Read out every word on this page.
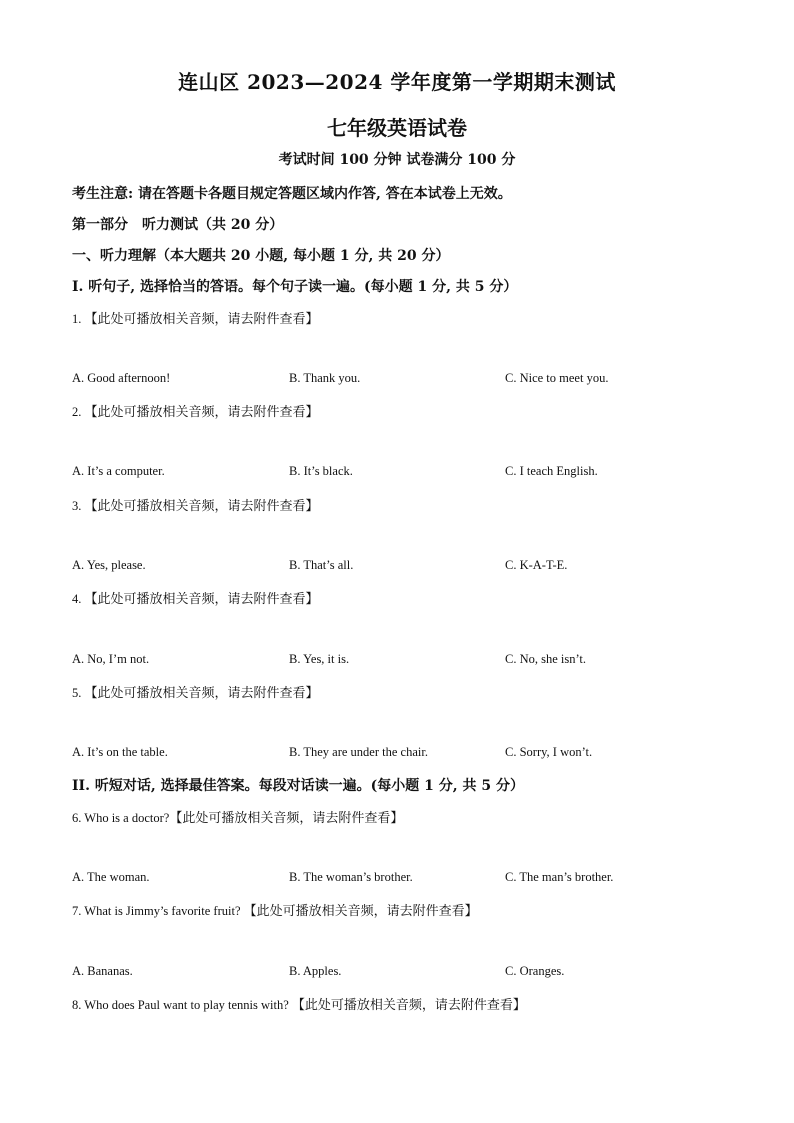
连山区 2023—2024 学年度第一学期期末测试
七年级英语试卷
考试时间 100 分钟 试卷满分 100 分
考生注意: 请在答题卡各题目规定答题区域内作答, 答在本试卷上无效。
第一部分　听力测试（共 20 分）
一、听力理解（本大题共 20 小题, 每小题 1 分, 共 20 分）
I. 听句子, 选择恰当的答语。每个句子读一遍。(每小题 1 分, 共 5 分）
1. 【此处可播放相关音频，请去附件查看】
A. Good afternoon!	B. Thank you.	C. Nice to meet you.
2. 【此处可播放相关音频，请去附件查看】
A. It’s a computer.	B. It’s black.	C. I teach English.
3. 【此处可播放相关音频，请去附件查看】
A. Yes, please.	B. That’s all.	C. K-A-T-E.
4. 【此处可播放相关音频，请去附件查看】
A. No, I’m not.	B. Yes, it is.	C. No, she isn’t.
5. 【此处可播放相关音频，请去附件查看】
A. It’s on the table.	B. They are under the chair.	C. Sorry, I won’t.
II. 听短对话, 选择最佳答案。每段对话读一遍。(每小题 1 分, 共 5 分）
6. Who is a doctor?【此处可播放相关音频，请去附件查看】
A. The woman.	B. The woman’s brother.	C. The man’s brother.
7. What is Jimmy’s favorite fruit? 【此处可播放相关音频，请去附件查看】
A. Bananas.	B. Apples.	C. Oranges.
8. Who does Paul want to play tennis with? 【此处可播放相关音频，请去附件查看】
